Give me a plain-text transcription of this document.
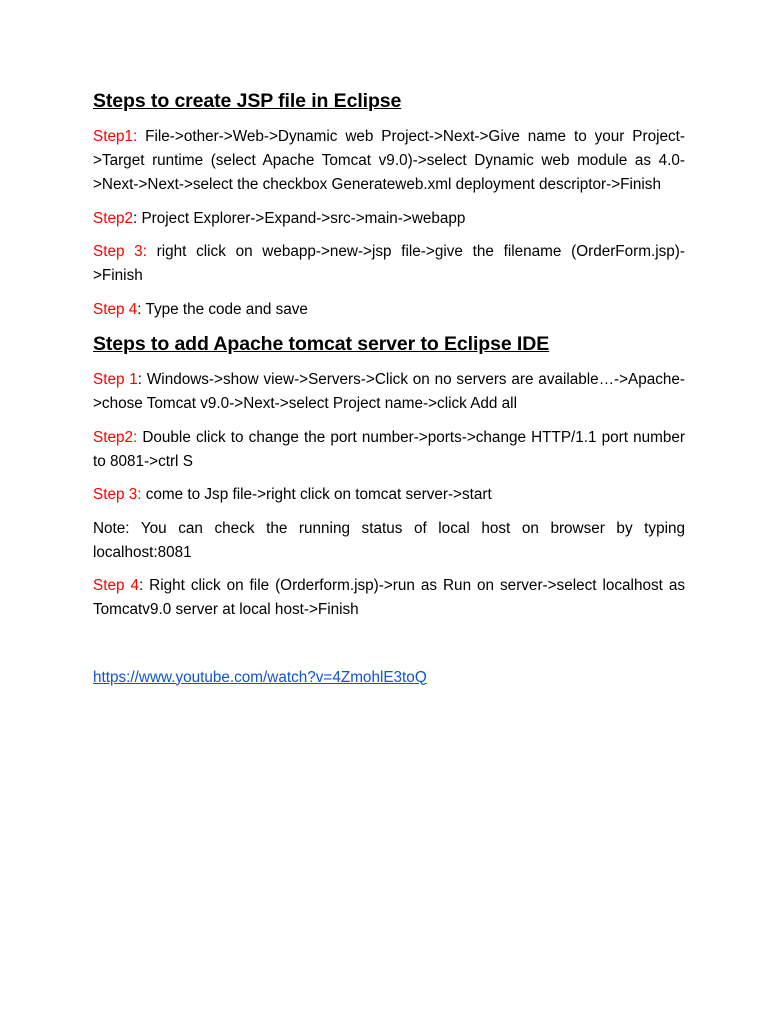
Steps to create JSP file in Eclipse

Step1: File->other->Web->Dynamic web Project->Next->Give name to your Project->Target runtime (select Apache Tomcat v9.0)->select Dynamic web module as 4.0->Next->Next->select the checkbox Generateweb.xml deployment descriptor->Finish

Step2: Project Explorer->Expand->src->main->webapp

Step 3: right click on webapp->new->jsp file->give the filename (OrderForm.jsp)->Finish

Step 4: Type the code and save

Steps to add Apache tomcat server to Eclipse IDE

Step 1: Windows->show view->Servers->Click on no servers are available…->Apache->chose Tomcat v9.0->Next->select Project name->click Add all

Step2: Double click to change the port number->ports->change HTTP/1.1 port number to 8081->ctrl S

Step 3: come to Jsp file->right click on tomcat server->start

Note: You can check the running status of local host on browser by typing localhost:8081

Step 4: Right click on file (Orderform.jsp)->run as Run on server->select localhost as Tomcatv9.0 server at local host->Finish

https://www.youtube.com/watch?v=4ZmohlE3toQ
